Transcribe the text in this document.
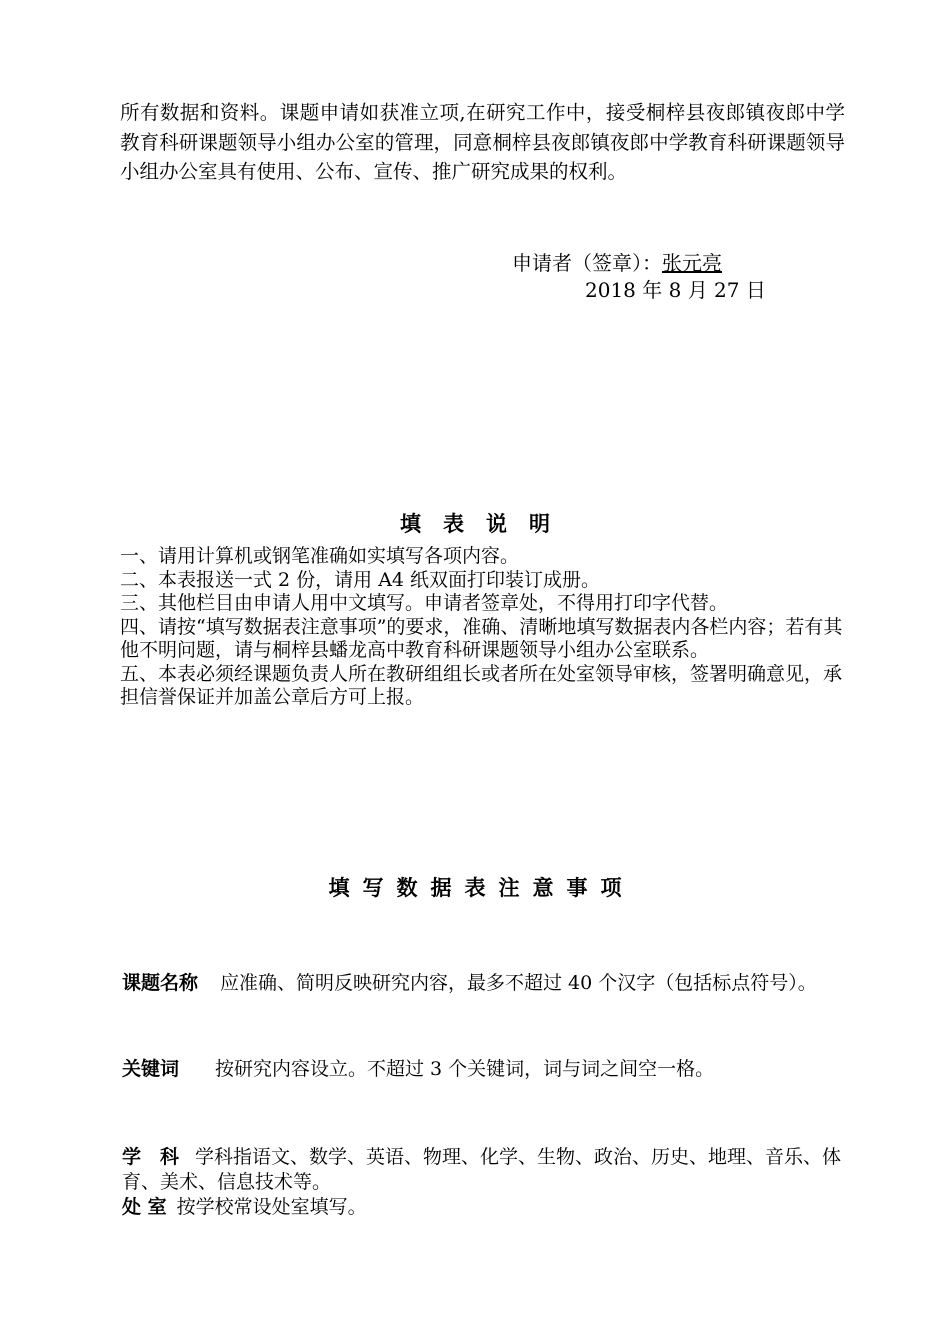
所有数据和资料。课题申请如获准立项,在研究工作中，接受桐梓县夜郎镇夜郎中学教育科研课题领导小组办公室的管理，同意桐梓县夜郎镇夜郎中学教育科研课题领导小组办公室具有使用、公布、宣传、推广研究成果的权利。

申请者（签章）：张元亮
2018 年 8 月 27 日
填表说明
一、请用计算机或钢笔准确如实填写各项内容。
二、本表报送一式 2 份，请用 A4 纸双面打印装订成册。
三、其他栏目由申请人用中文填写。申请者签章处，不得用打印字代替。
四、请按“填写数据表注意事项”的要求，准确、清晰地填写数据表内各栏内容；若有其他不明问题，请与桐梓县蟠龙高中教育科研课题领导小组办公室联系。
五、本表必须经课题负责人所在教研组组长或者所在处室领导审核，签署明确意见，承担信誉保证并加盖公章后方可上报。
填写数据表注意事项

课题名称 应准确、简明反映研究内容，最多不超过 40 个汉字（包括标点符号）。

关键词 按研究内容设立。不超过 3 个关键词，词与词之间空一格。

学　科 学科指语文、数学、英语、物理、化学、生物、政治、历史、地理、音乐、体育、美术、信息技术等。

处 室 按学校常设处室填写。
